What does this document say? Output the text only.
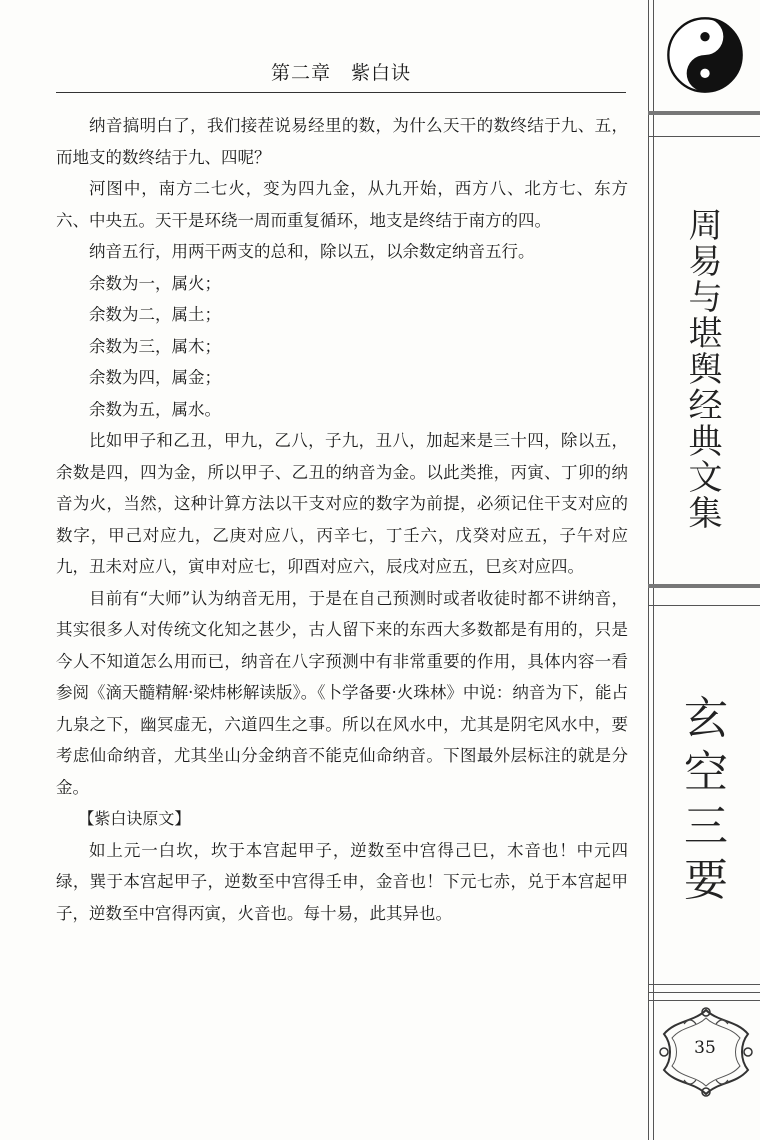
第二章　紫白诀

纳音搞明白了，我们接茬说易经里的数，为什么天干的数终结于九、五，而地支的数终结于九、四呢？

河图中，南方二七火，变为四九金，从九开始，西方八、北方七、东方六、中央五。天干是环绕一周而重复循环，地支是终结于南方的四。

纳音五行，用两干两支的总和，除以五，以余数定纳音五行。

余数为一，属火；

余数为二，属土；

余数为三，属木；

余数为四，属金；

余数为五，属水。

比如甲子和乙丑，甲九，乙八，子九，丑八，加起来是三十四，除以五，余数是四，四为金，所以甲子、乙丑的纳音为金。以此类推，丙寅、丁卯的纳音为火，当然，这种计算方法以干支对应的数字为前提，必须记住干支对应的数字，甲己对应九，乙庚对应八，丙辛七，丁壬六，戊癸对应五，子午对应九，丑未对应八，寅申对应七，卯酉对应六，辰戌对应五，巳亥对应四。

目前有“大师”认为纳音无用，于是在自己预测时或者收徒时都不讲纳音，其实很多人对传统文化知之甚少，古人留下来的东西大多数都是有用的，只是今人不知道怎么用而已，纳音在八字预测中有非常重要的作用，具体内容一看参阅《滴天髓精解·梁炜彬解读版》。《卜学备要·火珠林》中说：纳音为下，能占九泉之下，幽冥虚无，六道四生之事。所以在风水中，尤其是阴宅风水中，要考虑仙命纳音，尤其坐山分金纳音不能克仙命纳音。下图最外层标注的就是分金。

【紫白诀原文】

如上元一白坎，坎于本宫起甲子，逆数至中宫得己巳，木音也！中元四绿，巽于本宫起甲子，逆数至中宫得壬申，金音也！下元七赤，兑于本宫起甲子，逆数至中宫得丙寅，火音也。每十易，此其异也。

周
易
与
堪
舆
经
典
文
集
玄
空
三
要
35
